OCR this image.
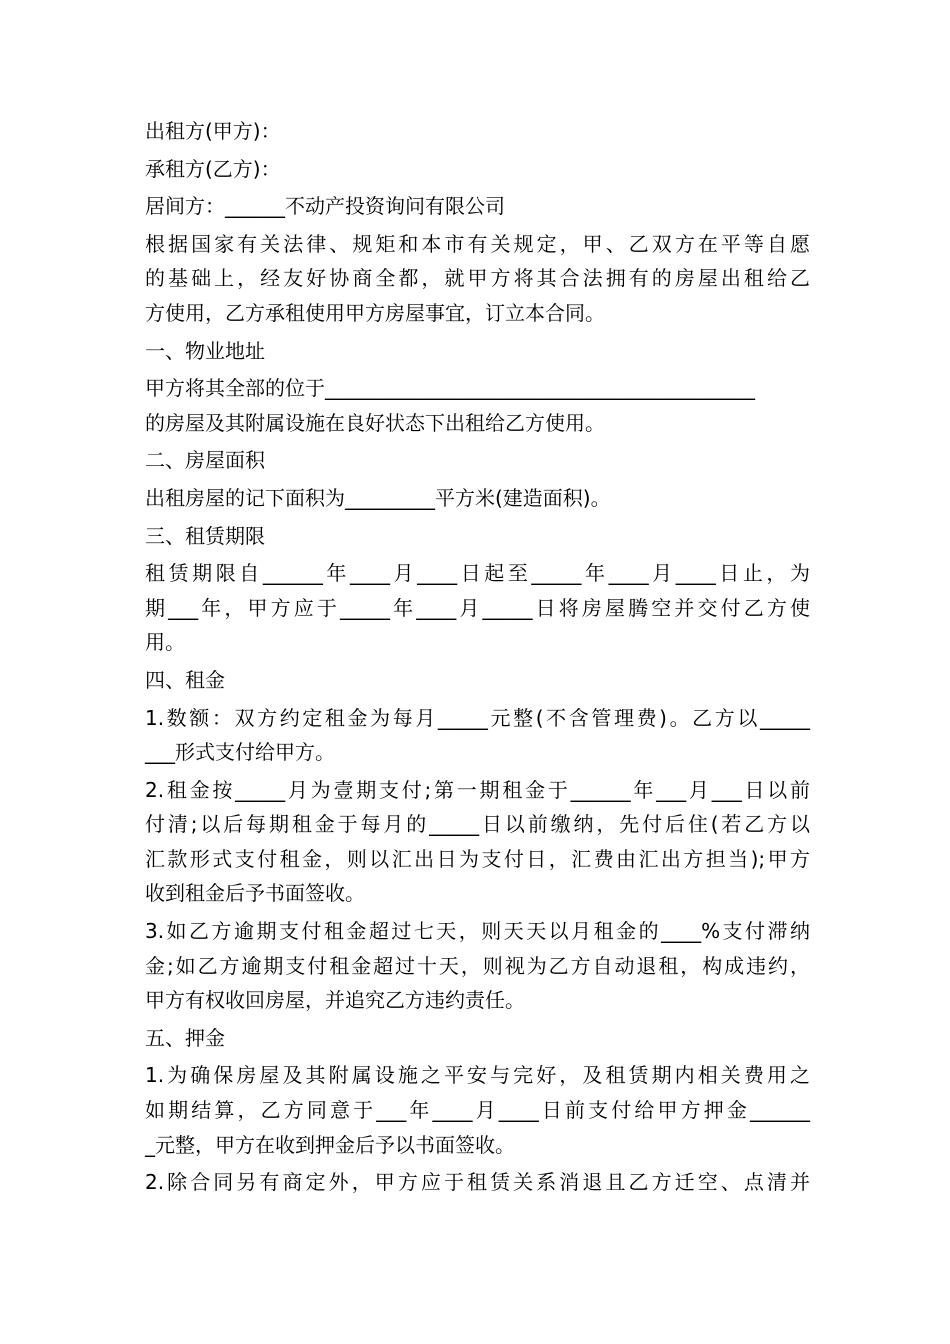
出租方(甲方)：
承租方(乙方)：
居间方：______不动产投资询问有限公司
根据国家有关法律、规矩和本市有关规定，甲、乙双方在平等自愿
的基础上，经友好协商全都，就甲方将其合法拥有的房屋出租给乙
方使用，乙方承租使用甲方房屋事宜，订立本合同。
一、物业地址
甲方将其全部的位于___________________________________________
的房屋及其附属设施在良好状态下出租给乙方使用。
二、房屋面积
出租房屋的记下面积为_________平方米(建造面积)。
三、租赁期限
租赁期限自______年____月____日起至_____年____月____日止，为
期___年，甲方应于_____年____月_____日将房屋腾空并交付乙方使
用。
四、租金
1.数额：双方约定租金为每月_____元整(不含管理费)。乙方以_____
___形式支付给甲方。
2.租金按_____月为壹期支付;第一期租金于______年___月___日以前
付清;以后每期租金于每月的_____日以前缴纳，先付后住(若乙方以
汇款形式支付租金，则以汇出日为支付日，汇费由汇出方担当);甲方
收到租金后予书面签收。
3.如乙方逾期支付租金超过七天，则天天以月租金的____%支付滞纳
金;如乙方逾期支付租金超过十天，则视为乙方自动退租，构成违约，
甲方有权收回房屋，并追究乙方违约责任。
五、押金
1.为确保房屋及其附属设施之平安与完好，及租赁期内相关费用之
如期结算，乙方同意于___年____月____日前支付给甲方押金______
_元整，甲方在收到押金后予以书面签收。
2.除合同另有商定外，甲方应于租赁关系消退且乙方迁空、点清并
